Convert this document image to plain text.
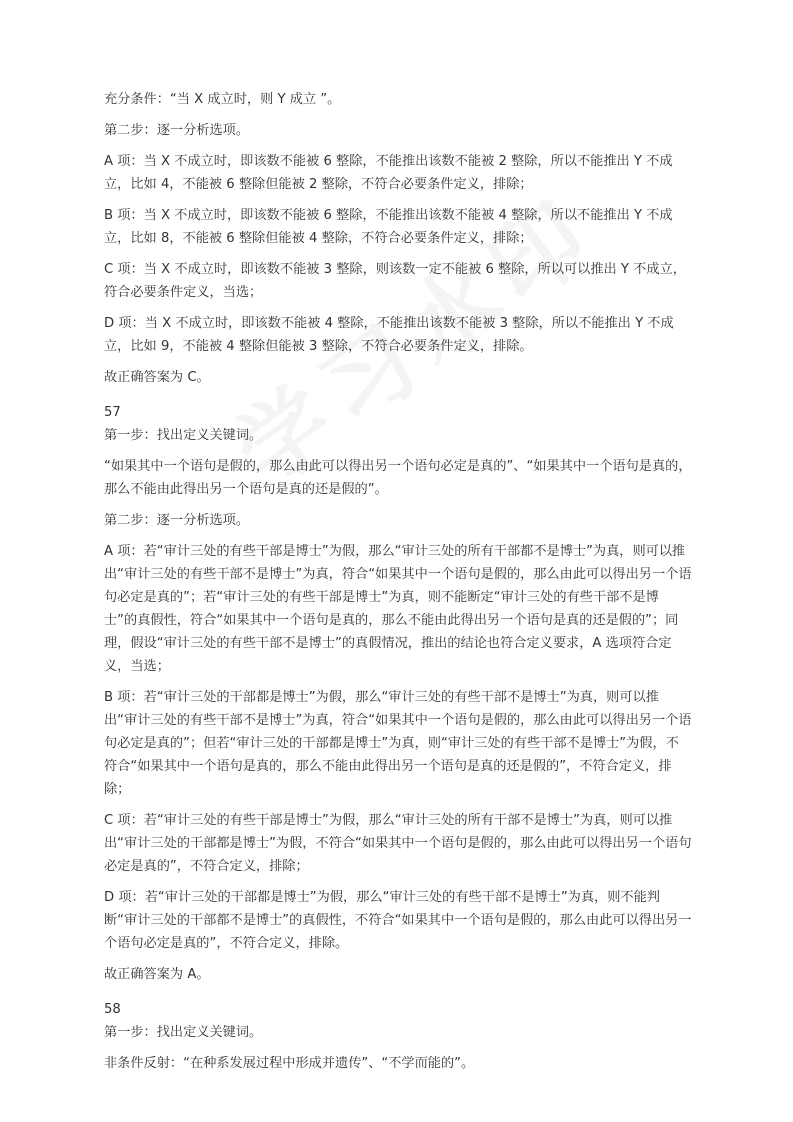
充分条件：“当 X 成立时，则 Y 成立 ”。

第二步：逐一分析选项。

A 项：当 X 不成立时，即该数不能被 6 整除，不能推出该数不能被 2 整除，所以不能推出 Y 不成立，比如 4，不能被 6 整除但能被 2 整除，不符合必要条件定义，排除；

B 项：当 X 不成立时，即该数不能被 6 整除，不能推出该数不能被 4 整除，所以不能推出 Y 不成立，比如 8，不能被 6 整除但能被 4 整除，不符合必要条件定义，排除；

C 项：当 X 不成立时，即该数不能被 3 整除，则该数一定不能被 6 整除，所以可以推出 Y 不成立，符合必要条件定义，当选；

D 项：当 X 不成立时，即该数不能被 4 整除，不能推出该数不能被 3 整除，所以不能推出 Y 不成立，比如 9，不能被 4 整除但能被 3 整除，不符合必要条件定义，排除。

故正确答案为 C。

57

第一步：找出定义关键词。

“如果其中一个语句是假的，那么由此可以得出另一个语句必定是真的”、“如果其中一个语句是真的，那么不能由此得出另一个语句是真的还是假的”。

第二步：逐一分析选项。

A 项：若“审计三处的有些干部是博士”为假，那么“审计三处的所有干部都不是博士”为真，则可以推出“审计三处的有些干部不是博士”为真，符合“如果其中一个语句是假的，那么由此可以得出另一个语句必定是真的”；若“审计三处的有些干部是博士”为真，则不能断定“审计三处的有些干部不是博士”的真假性，符合“如果其中一个语句是真的，那么不能由此得出另一个语句是真的还是假的”；同理，假设“审计三处的有些干部不是博士”的真假情况，推出的结论也符合定义要求，A 选项符合定义，当选；

B 项：若“审计三处的干部都是博士”为假，那么“审计三处的有些干部不是博士”为真，则可以推出“审计三处的有些干部不是博士”为真，符合“如果其中一个语句是假的，那么由此可以得出另一个语句必定是真的”；但若“审计三处的干部都是博士”为真，则“审计三处的有些干部不是博士”为假，不符合“如果其中一个语句是真的，那么不能由此得出另一个语句是真的还是假的”，不符合定义，排除；

C 项：若“审计三处的有些干部是博士”为假，那么“审计三处的所有干部不是博士”为真，则可以推出“审计三处的干部都是博士”为假，不符合“如果其中一个语句是假的，那么由此可以得出另一个语句必定是真的”，不符合定义，排除；

D 项：若“审计三处的干部都是博士”为假，那么“审计三处的有些干部不是博士”为真，则不能判断“审计三处的干部都不是博士”的真假性，不符合“如果其中一个语句是假的，那么由此可以得出另一个语句必定是真的”，不符合定义，排除。

故正确答案为 A。

58

第一步：找出定义关键词。

非条件反射：“在种系发展过程中形成并遗传”、“不学而能的”。
